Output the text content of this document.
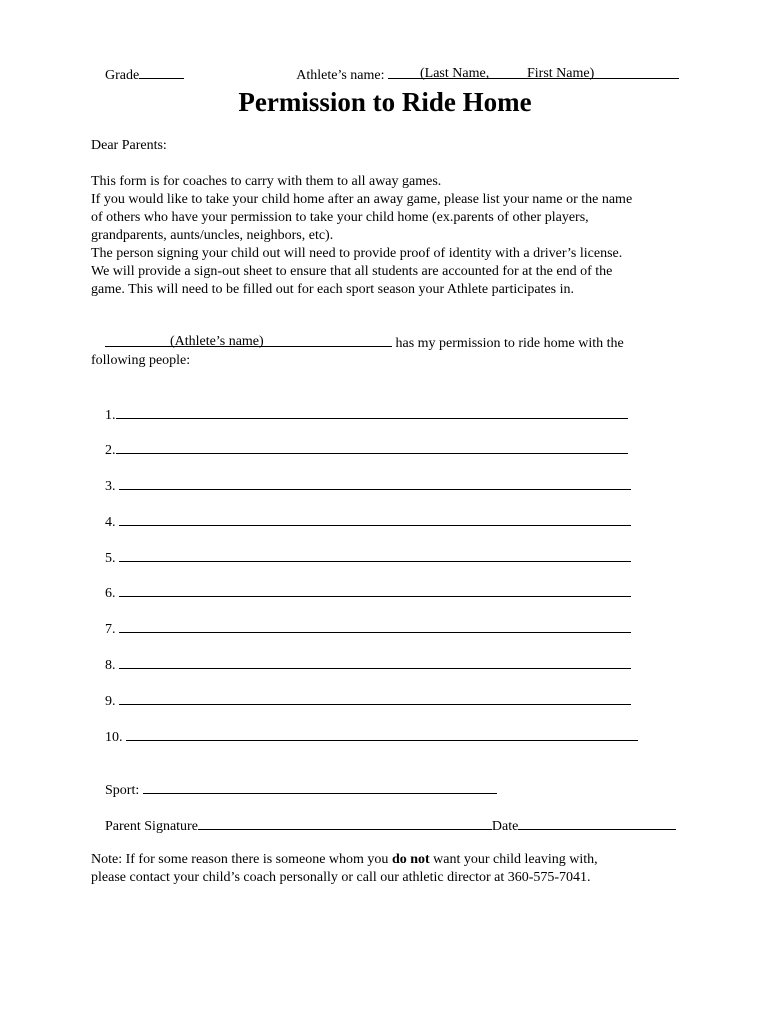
Grade
	Athlete’s name:
	(Last Name,	First Name)
Permission to Ride Home
Dear Parents:

This form is for coaches to carry with them to all away games.

If you would like to take your child home after an away game, please list your name or the name

of others who have your permission to take your child home (ex.parents of other players,

grandparents, aunts/uncles, neighbors, etc).

The person signing your child out will need to provide proof of identity with a driver’s license.

We will provide a sign-out sheet to ensure that all students are accounted for at the end of the

game. This will need to be filled out for each sport season your Athlete participates in.

has my permission to ride home with the

(Athlete’s name)
following people:

1.

2.

3.

4.

5.

6.

7.

8.

9.

10.

Sport:

Parent Signature	Date

Note: If for some reason there is someone whom you do not want your child leaving with,

please contact your child’s coach personally or call our athletic director at 360-575-7041.
